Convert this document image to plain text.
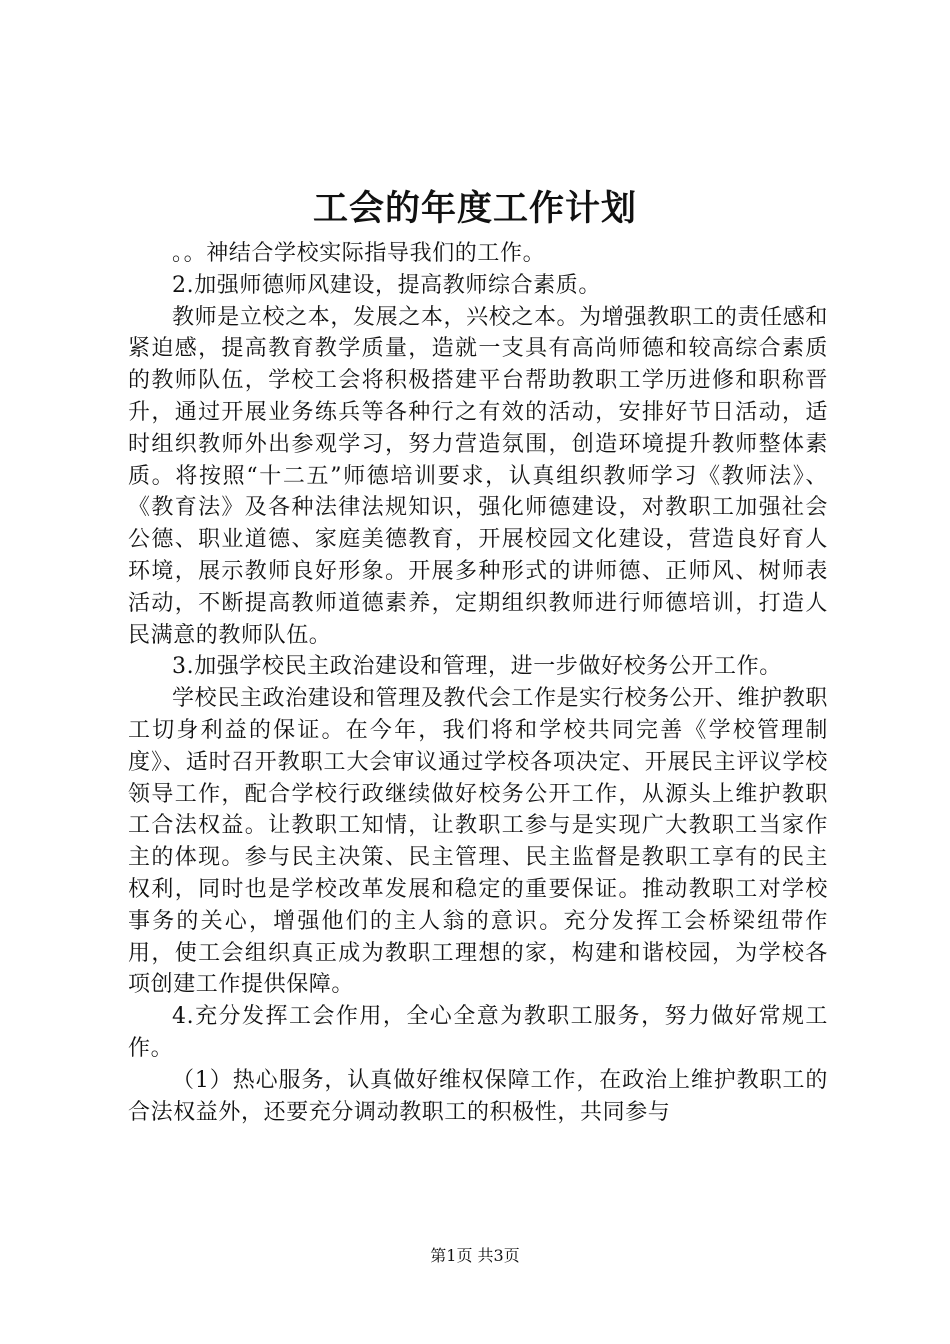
工会的年度工作计划

。。神结合学校实际指导我们的工作。

2.加强师德师风建设，提高教师综合素质。

教师是立校之本，发展之本，兴校之本。为增强教职工的责任感和紧迫感，提高教育教学质量，造就一支具有高尚师德和较高综合素质的教师队伍，学校工会将积极搭建平台帮助教职工学历进修和职称晋升，通过开展业务练兵等各种行之有效的活动，安排好节日活动，适时组织教师外出参观学习，努力营造氛围，创造环境提升教师整体素质。将按照“十二五”师德培训要求，认真组织教师学习《教师法》、《教育法》及各种法律法规知识，强化师德建设，对教职工加强社会公德、职业道德、家庭美德教育，开展校园文化建设，营造良好育人环境，展示教师良好形象。开展多种形式的讲师德、正师风、树师表活动，不断提高教师道德素养，定期组织教师进行师德培训，打造人民满意的教师队伍。

3.加强学校民主政治建设和管理，进一步做好校务公开工作。

学校民主政治建设和管理及教代会工作是实行校务公开、维护教职工切身利益的保证。在今年，我们将和学校共同完善《学校管理制度》、适时召开教职工大会审议通过学校各项决定、开展民主评议学校领导工作，配合学校行政继续做好校务公开工作，从源头上维护教职工合法权益。让教职工知情，让教职工参与是实现广大教职工当家作主的体现。参与民主决策、民主管理、民主监督是教职工享有的民主权利，同时也是学校改革发展和稳定的重要保证。推动教职工对学校事务的关心，增强他们的主人翁的意识。充分发挥工会桥梁纽带作用，使工会组织真正成为教职工理想的家，构建和谐校园，为学校各项创建工作提供保障。

4.充分发挥工会作用，全心全意为教职工服务，努力做好常规工作。

（1）热心服务，认真做好维权保障工作，在政治上维护教职工的合法权益外，还要充分调动教职工的积极性，共同参与

第1页 共3页
